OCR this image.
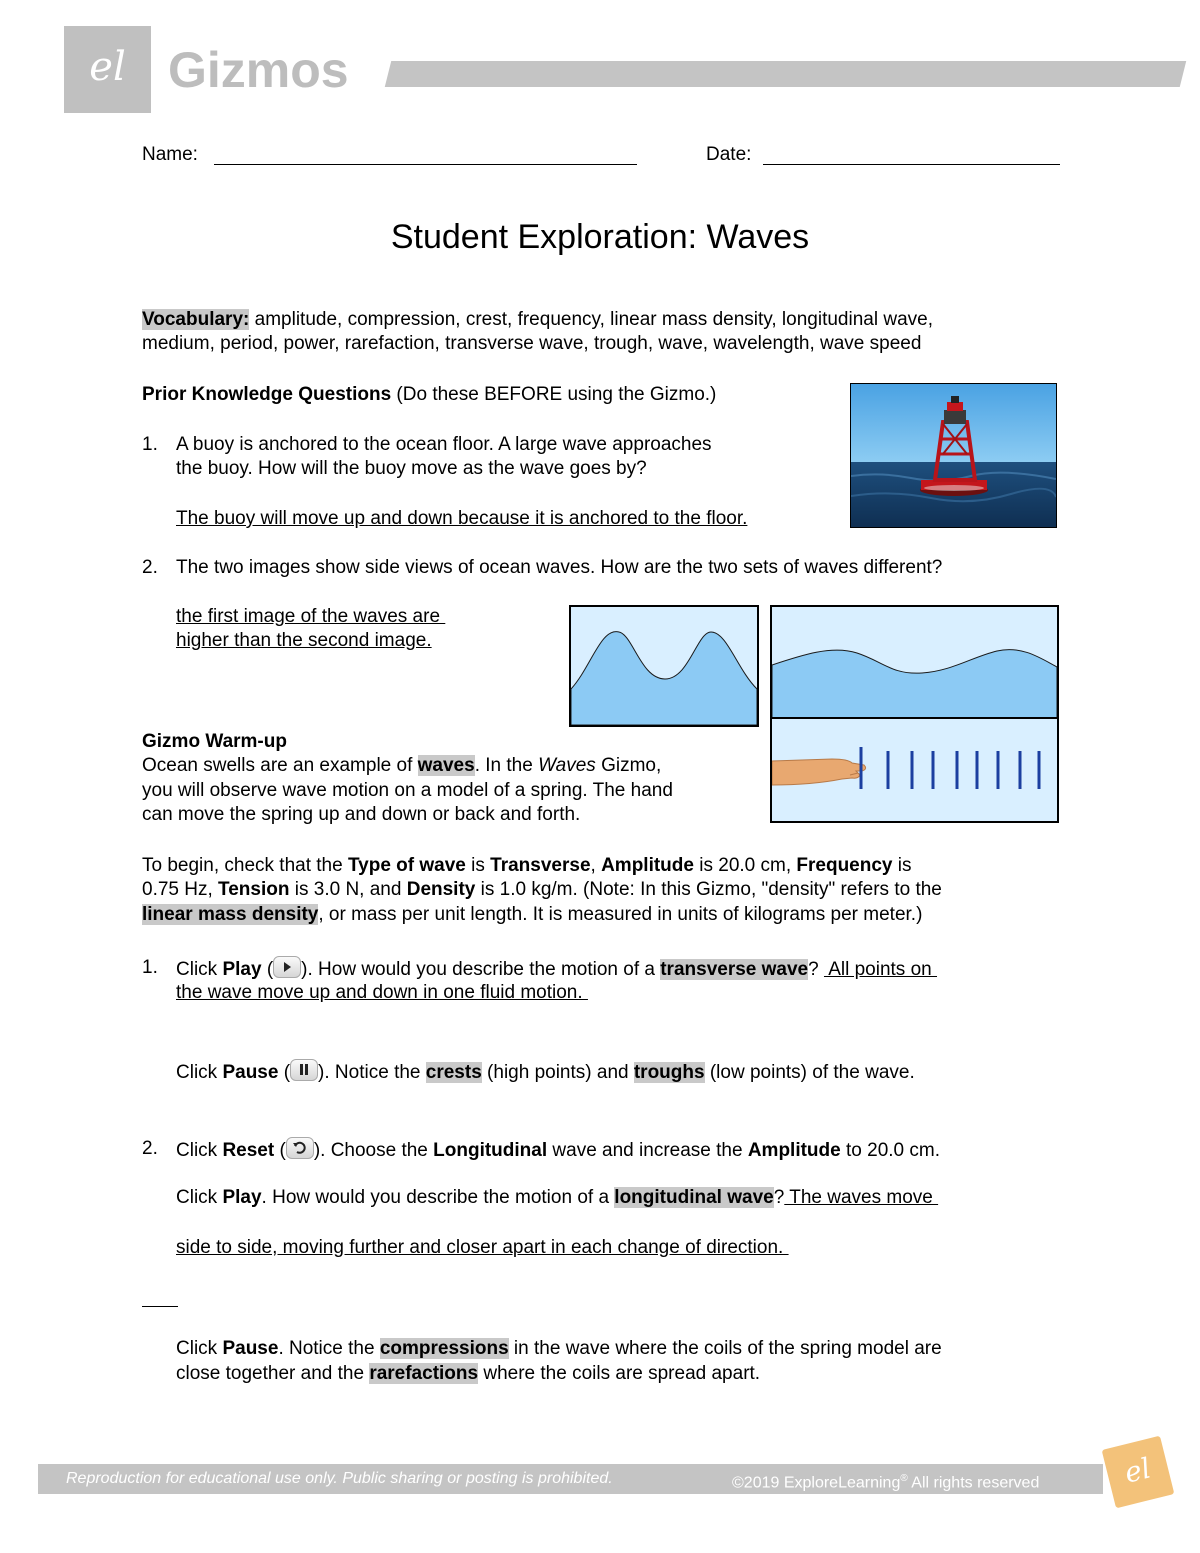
el Gizmos
Name:	Date:
Student Exploration: Waves
Vocabulary: amplitude, compression, crest, frequency, linear mass density, longitudinal wave,
medium, period, power, rarefaction, transverse wave, trough, wave, wavelength, wave speed
Prior Knowledge Questions (Do these BEFORE using the Gizmo.)
1. A buoy is anchored to the ocean floor. A large wave approaches
the buoy. How will the buoy move as the wave goes by?
The buoy will move up and down because it is anchored to the floor.
2. The two images show side views of ocean waves. How are the two sets of waves different?
the first image of the waves are
higher than the second image.
Gizmo Warm-up
Ocean swells are an example of waves. In the Waves Gizmo,
you will observe wave motion on a model of a spring. The hand
can move the spring up and down or back and forth.
To begin, check that the Type of wave is Transverse, Amplitude is 20.0 cm, Frequency is
0.75 Hz, Tension is 3.0 N, and Density is 1.0 kg/m. (Note: In this Gizmo, "density" refers to the
linear mass density, or mass per unit length. It is measured in units of kilograms per meter.)
1. Click Play ( ). How would you describe the motion of a transverse wave?  All points on
the wave move up and down in one fluid motion.
Click Pause ( ). Notice the crests (high points) and troughs (low points) of the wave.
2. Click Reset ( ). Choose the Longitudinal wave and increase the Amplitude to 20.0 cm.
Click Play. How would you describe the motion of a longitudinal wave? The waves move
side to side, moving further and closer apart in each change of direction.
Click Pause. Notice the compressions in the wave where the coils of the spring model are
close together and the rarefactions where the coils are spread apart.
Reproduction for educational use only. Public sharing or posting is prohibited.	©2019 ExploreLearning® All rights reserved	el
